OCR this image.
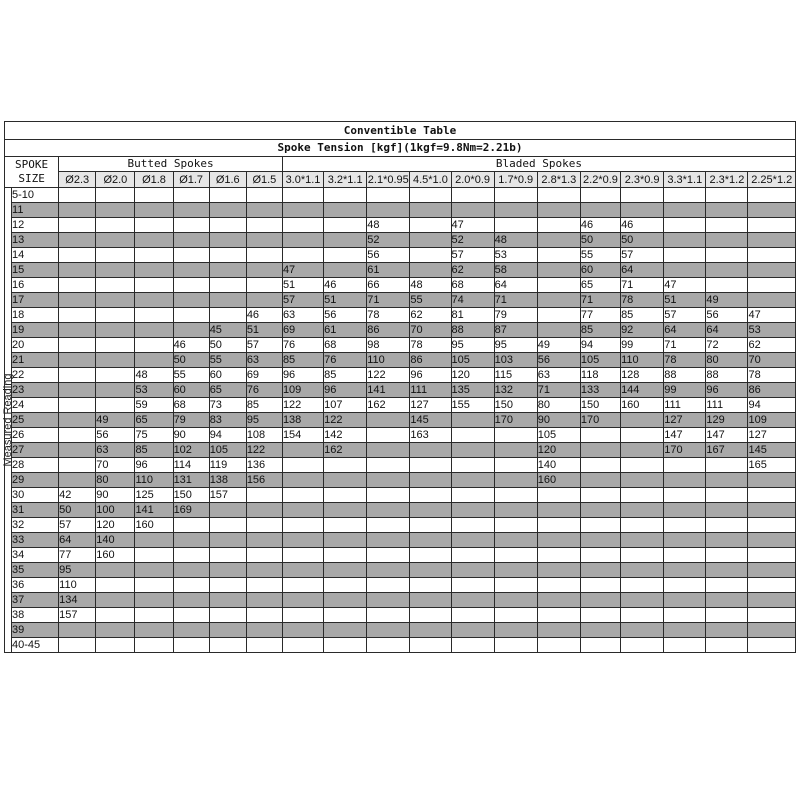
Conventible Table																			
Spoke Tension [kgf](1kgf=9.8Nm=2.21b)																			

SPOKE
SIZE		Butted Spokes						Bladed Spokes											
		Ø2.3	Ø2.0	Ø1.8	Ø1.7	Ø1.6	Ø1.5	3.0*1.1	3.2*1.1	2.1*0.95	4.5*1.0	2.0*0.9	1.7*0.9	2.8*1.3	2.2*0.9	2.3*0.9	3.3*1.1	2.3*1.2	2.25*1.2

Measured Reading	5-10																		
	11																		
	12									48		47			46	46			
	13									52		52	48		50	50			
	14									56		57	53		55	57			
	15							47		61		62	58		60	64			
	16							51	46	66	48	68	64		65	71	47		
	17							57	51	71	55	74	71		71	78	51	49	
	18						46	63	56	78	62	81	79		77	85	57	56	47
	19					45	51	69	61	86	70	88	87		85	92	64	64	53
	20				46	50	57	76	68	98	78	95	95	49	94	99	71	72	62
	21				50	55	63	85	76	110	86	105	103	56	105	110	78	80	70
	22			48	55	60	69	96	85	122	96	120	115	63	118	128	88	88	78
	23			53	60	65	76	109	96	141	111	135	132	71	133	144	99	96	86
	24			59	68	73	85	122	107	162	127	155	150	80	150	160	111	111	94
	25		49	65	79	83	95	138	122		145		170	90	170		127	129	109
	26		56	75	90	94	108	154	142		163			105			147	147	127
	27		63	85	102	105	122		162					120			170	167	145
	28		70	96	114	119	136							140					165
	29		80	110	131	138	156							160					
	30	42	90	125	150	157													
	31	50	100	141	169														
	32	57	120	160															
	33	64	140																
	34	77	160																
	35	95																	
	36	110																	
	37	134																	
	38	157																	
	39																		
	40-45																		
